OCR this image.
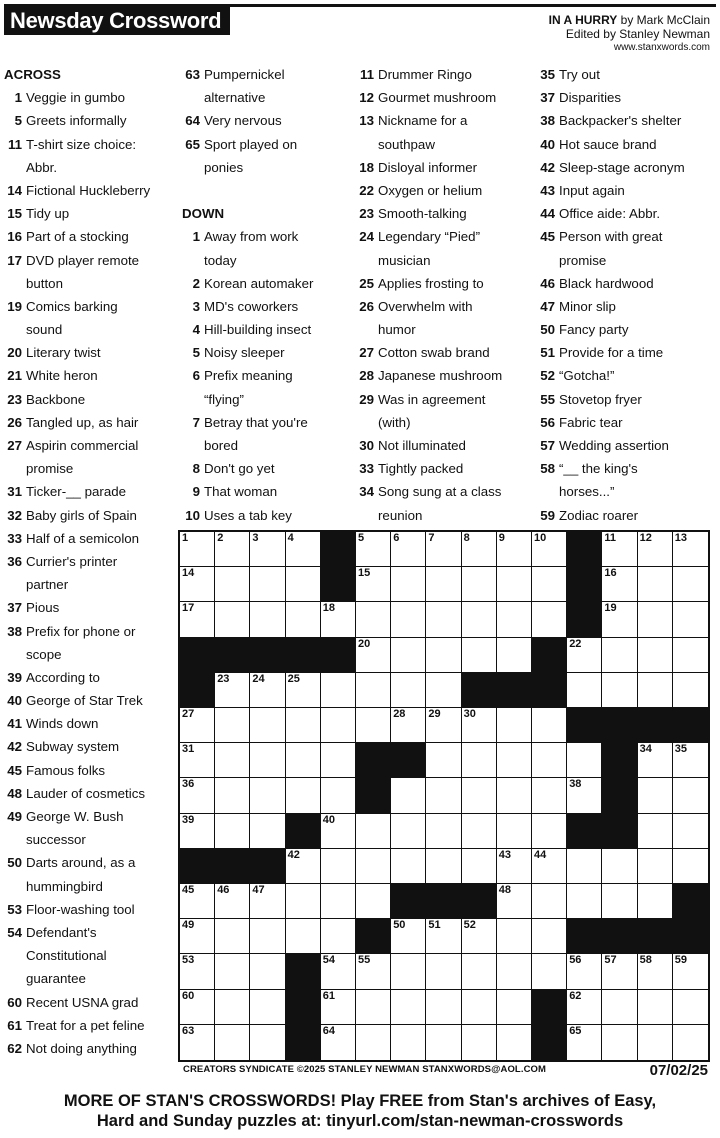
Newsday Crossword	IN A HURRY by Mark McClain
Edited by Stanley Newman
www.stanxwords.com
ACROSS
1 Veggie in gumbo
5 Greets informally
11 T-shirt size choice:
Abbr.
14 Fictional Huckleberry
15 Tidy up
16 Part of a stocking
17 DVD player remote
button
19 Comics barking
sound
20 Literary twist
21 White heron
23 Backbone
26 Tangled up, as hair
27 Aspirin commercial
promise
31 Ticker-__ parade
32 Baby girls of Spain
33 Half of a semicolon
36 Currier's printer
partner
37 Pious
38 Prefix for phone or
scope
39 According to
40 George of Star Trek
41 Winds down
42 Subway system
45 Famous folks
48 Lauder of cosmetics
49 George W. Bush
successor
50 Darts around, as a
hummingbird
53 Floor-washing tool
54 Defendant's
Constitutional
guarantee
60 Recent USNA grad
61 Treat for a pet feline
62 Not doing anything
63 Pumpernickel
alternative
64 Very nervous
65 Sport played on
ponies
DOWN
1 Away from work
today
2 Korean automaker
3 MD's coworkers
4 Hill-building insect
5 Noisy sleeper
6 Prefix meaning
“flying”
7 Betray that you're
bored
8 Don't go yet
9 That woman
10 Uses a tab key
11 Drummer Ringo
12 Gourmet mushroom
13 Nickname for a
southpaw
18 Disloyal informer
22 Oxygen or helium
23 Smooth-talking
24 Legendary “Pied”
musician
25 Applies frosting to
26 Overwhelm with
humor
27 Cotton swab brand
28 Japanese mushroom
29 Was in agreement
(with)
30 Not illuminated
33 Tightly packed
34 Song sung at a class
reunion
35 Try out
37 Disparities
38 Backpacker's shelter
40 Hot sauce brand
42 Sleep-stage acronym
43 Input again
44 Office aide: Abbr.
45 Person with great
promise
46 Black hardwood
47 Minor slip
50 Fancy party
51 Provide for a time
52 “Gotcha!”
55 Stovetop fryer
56 Fabric tear
57 Wedding assertion
58 “__ the king's
horses...”
59 Zodiac roarer
1	2	3	4	5	6	7	8	9	10	11 12 13
14	15	16
17	18	19
20	22
23 24 25
27	28 29 30
31	34 35
36	38
39	40
42	43 44
45 46 47	48
49	50 51 52
53	54 55	56 57 58 59
60	61	62
63	64	65
CREATORS SYNDICATE ©2025 STANLEY NEWMAN STANXWORDS@AOL.COM	07/02/25
MORE OF STAN'S CROSSWORDS! Play FREE from Stan's archives of Easy,
Hard and Sunday puzzles at: tinyurl.com/stan-newman-crosswords
